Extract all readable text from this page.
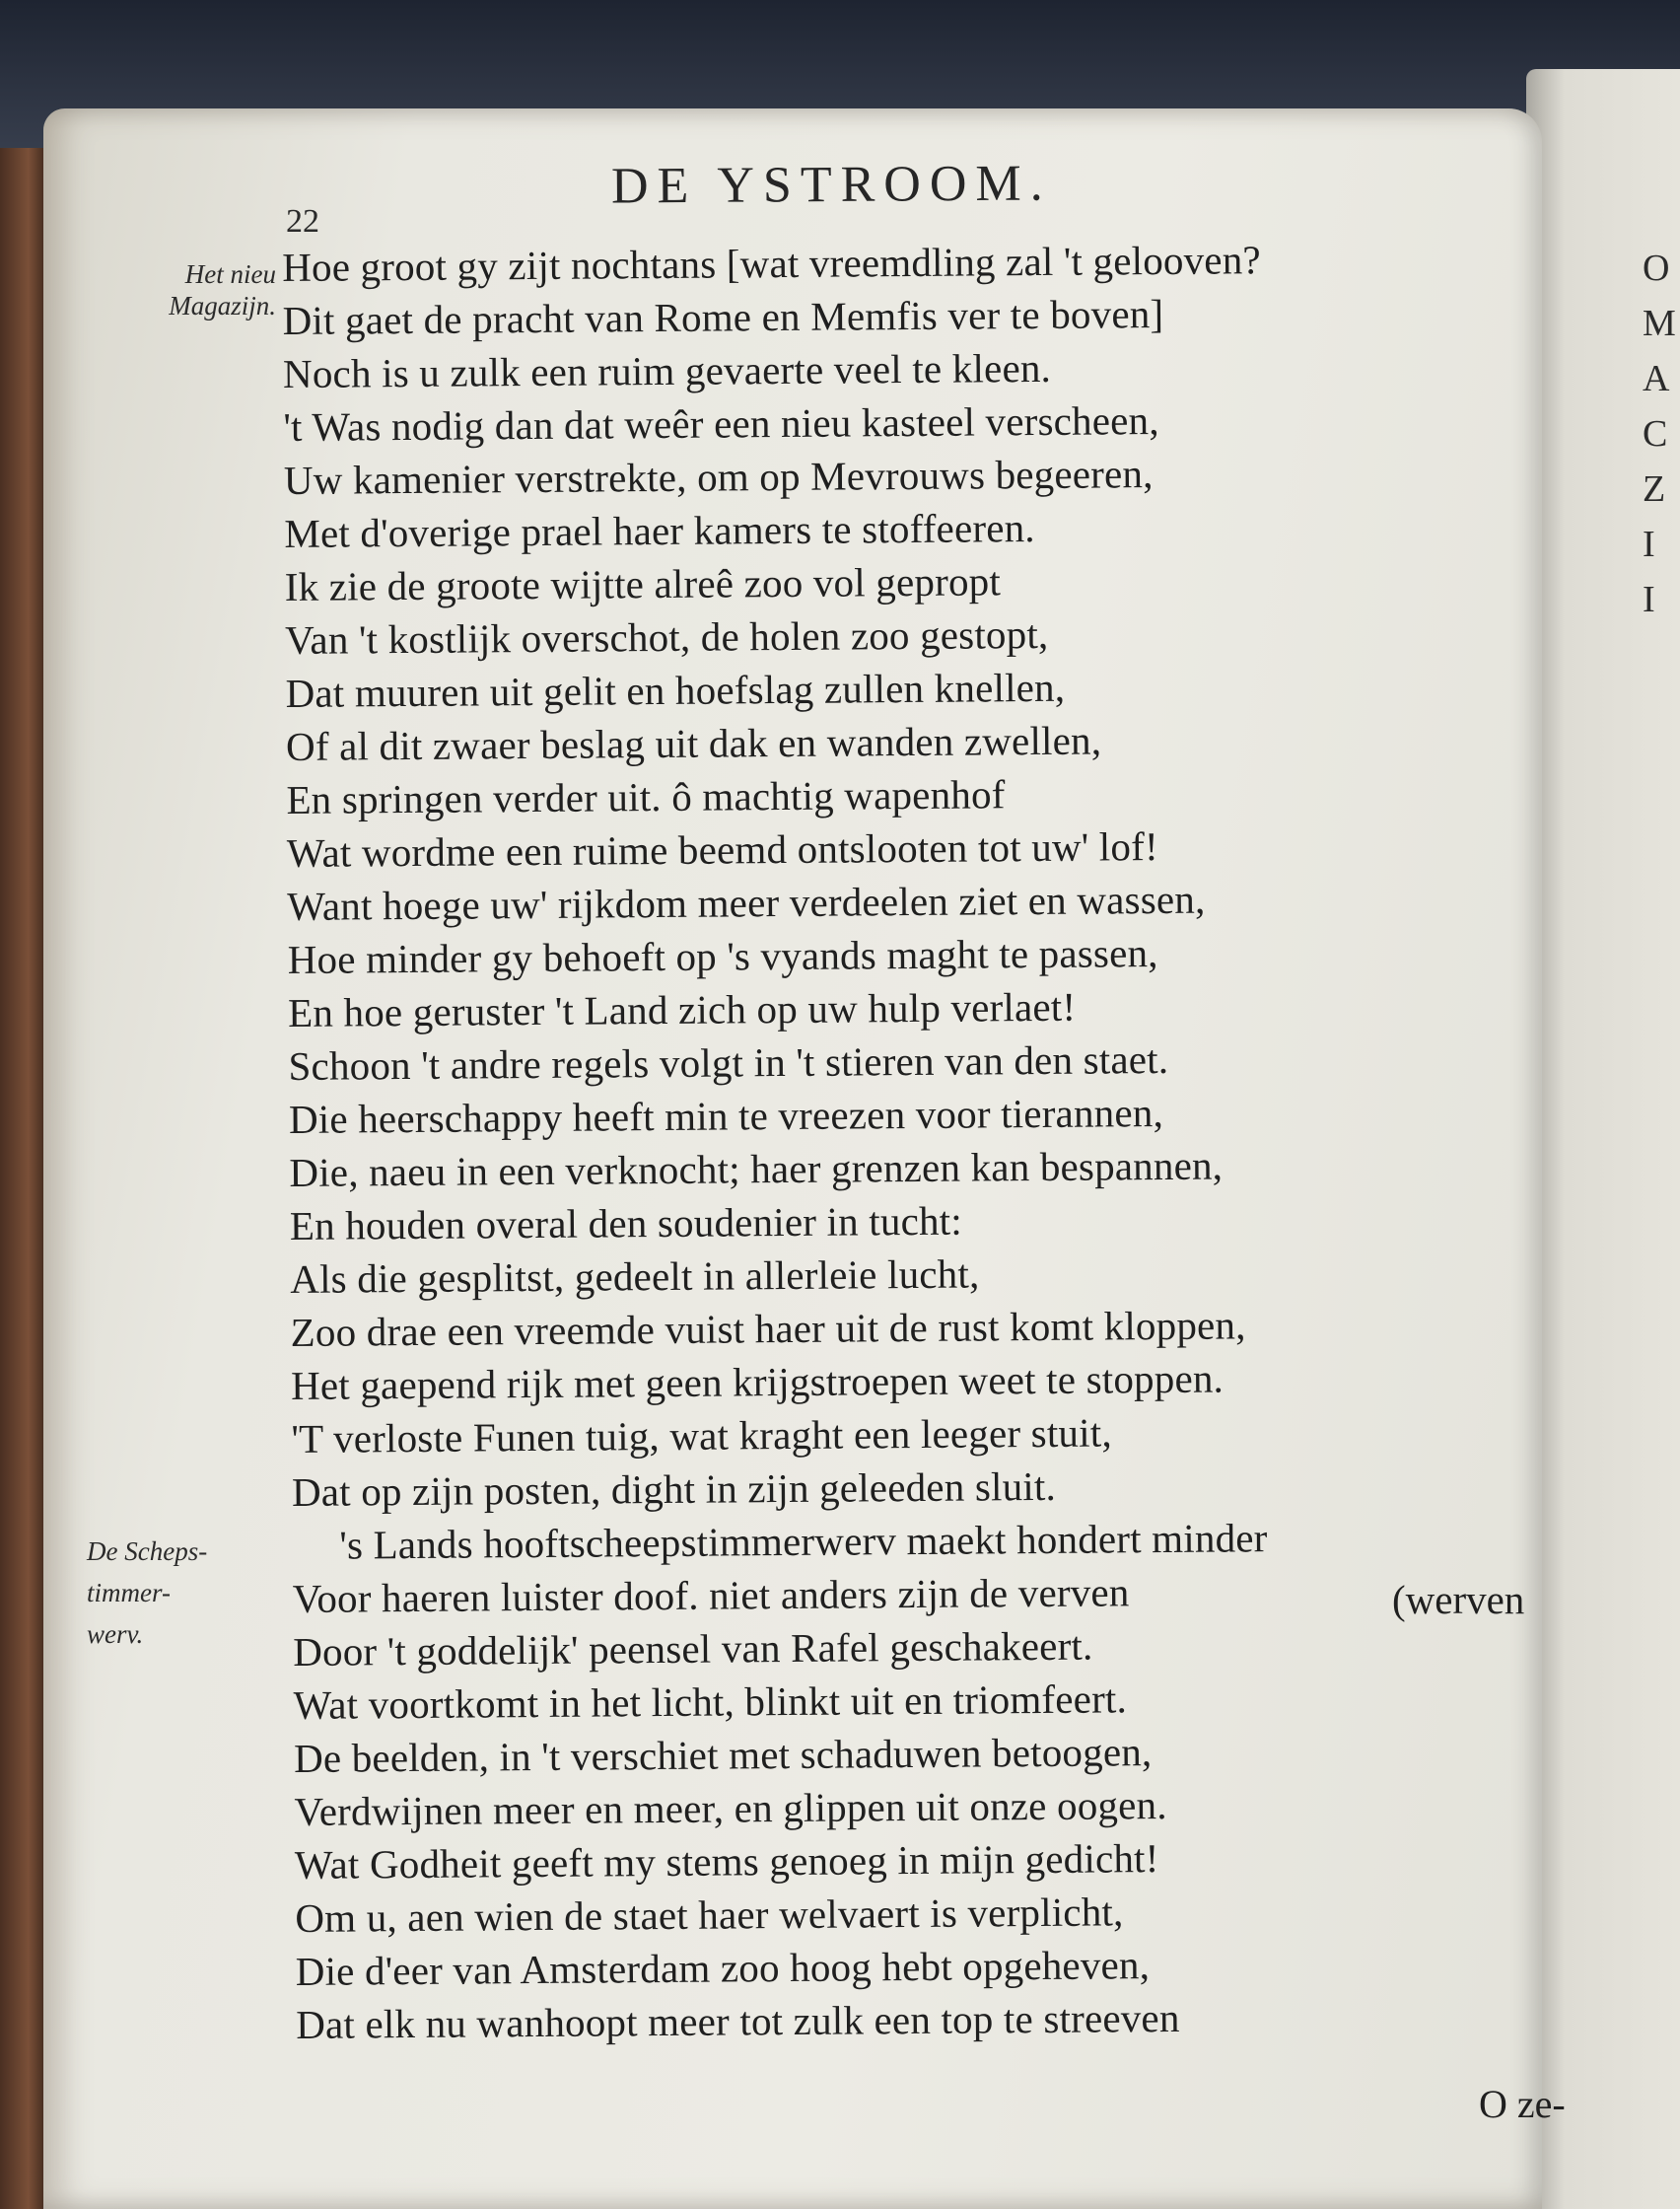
O
M
A
C
Z
I
I
22
DE YSTROOM.
Het nieu
Magazijn.
De Scheps-
timmer-
werv.
Hoe groot gy zijt nochtans [wat vreemdling zal 't gelooven?
Dit gaet de pracht van Rome en Memfis ver te boven]
Noch is u zulk een ruim gevaerte veel te kleen.
't Was nodig dan dat weêr een nieu kasteel verscheen,
Uw kamenier verstrekte, om op Mevrouws begeeren,
Met d'overige prael haer kamers te stoffeeren.
Ik zie de groote wijtte alreê zoo vol gepropt
Van 't kostlijk overschot, de holen zoo gestopt,
Dat muuren uit gelit en hoefslag zullen knellen,
Of al dit zwaer beslag uit dak en wanden zwellen,
En springen verder uit. ô machtig wapenhof
Wat wordme een ruime beemd ontslooten tot uw' lof!
Want hoege uw' rijkdom meer verdeelen ziet en wassen,
Hoe minder gy behoeft op 's vyands maght te passen,
En hoe geruster 't Land zich op uw hulp verlaet!
Schoon 't andre regels volgt in 't stieren van den staet.
Die heerschappy heeft min te vreezen voor tierannen,
Die, naeu in een verknocht; haer grenzen kan bespannen,
En houden overal den soudenier in tucht:
Als die gesplitst, gedeelt in allerleie lucht,
Zoo drae een vreemde vuist haer uit de rust komt kloppen,
Het gaepend rijk met geen krijgstroepen weet te stoppen.
'T verloste Funen tuig, wat kraght een leeger stuit,
Dat op zijn posten, dight in zijn geleeden sluit.
's Lands hooftscheepstimmerwerv maekt hondert minder
Voor haeren luister doof. niet anders zijn de verven
Door 't goddelijk' peensel van Rafel geschakeert.
Wat voortkomt in het licht, blinkt uit en triomfeert.
De beelden, in 't verschiet met schaduwen betoogen,
Verdwijnen meer en meer, en glippen uit onze oogen.
Wat Godheit geeft my stems genoeg in mijn gedicht!
Om u, aen wien de staet haer welvaert is verplicht,
Die d'eer van Amsterdam zoo hoog hebt opgeheven,
Dat elk nu wanhoopt meer tot zulk een top te streeven
(werven
O ze-
